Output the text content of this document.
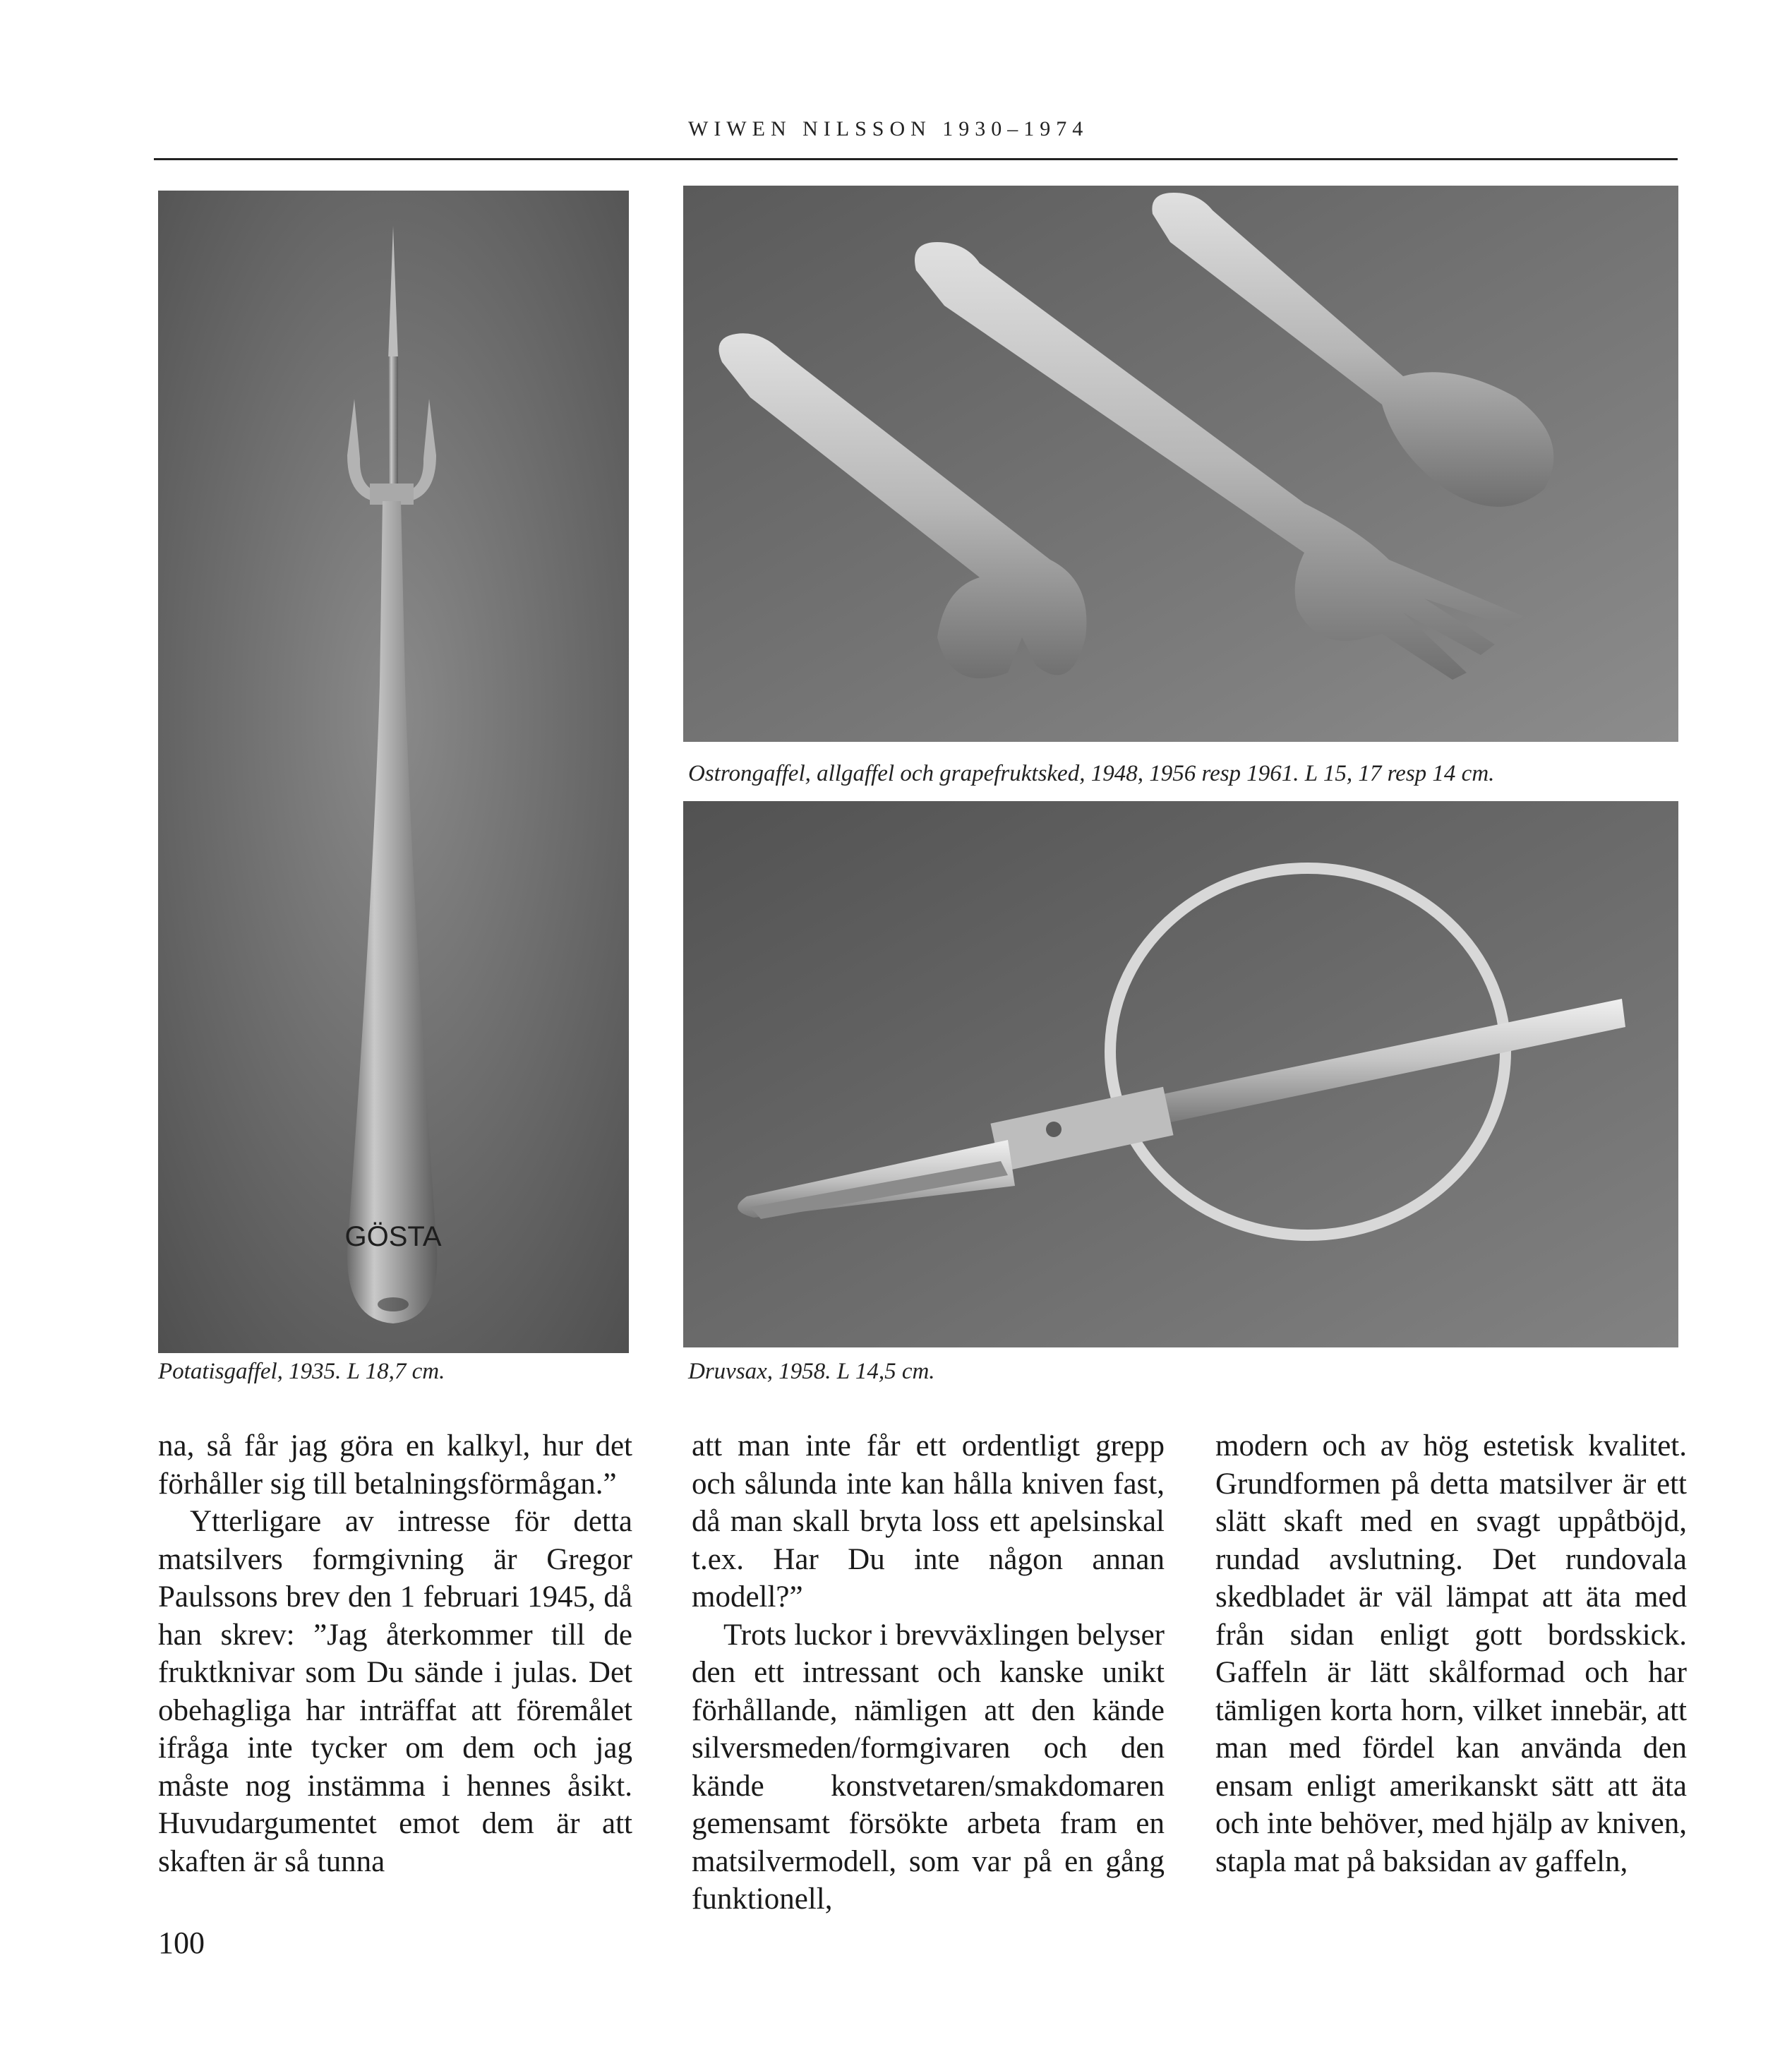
WIWEN NILSSON 1930–1974
GÖSTA
Ostrongaffel, allgaffel och grapefruktsked, 1948, 1956 resp 1961. L 15, 17 resp 14 cm.
Potatisgaffel, 1935. L 18,7 cm.	Druvsax, 1958. L 14,5 cm.

na, så får jag göra en kalkyl, hur det förhåller sig till betalningsförmågan.”

Ytterligare av intresse för detta matsilvers formgivning är Gregor Paulssons brev den 1 februari 1945, då han skrev: ”Jag återkommer till de fruktknivar som Du sände i julas. Det obehagliga har inträffat att föremålet ifråga inte tycker om dem och jag måste nog instämma i hennes åsikt. Huvudargumentet emot dem är att skaften är så tunna

att man inte får ett ordentligt grepp och sålunda inte kan hålla kniven fast, då man skall bryta loss ett apelsinskal t.ex. Har Du inte någon annan modell?”

Trots luckor i brevväxlingen belyser den ett intressant och kanske unikt förhållande, nämligen att den kände silversmeden/formgivaren och den kände konstvetaren/smakdomaren gemensamt försökte arbeta fram en matsilvermodell, som var på en gång funktionell,

modern och av hög estetisk kvalitet. Grundformen på detta matsilver är ett slätt skaft med en svagt uppåtböjd, rundad avslutning. Det rundovala skedbladet är väl lämpat att äta med från sidan enligt gott bordsskick. Gaffeln är lätt skålformad och har tämligen korta horn, vilket innebär, att man med fördel kan använda den ensam enligt amerikanskt sätt att äta och inte behöver, med hjälp av kniven, stapla mat på baksidan av gaffeln,

100
